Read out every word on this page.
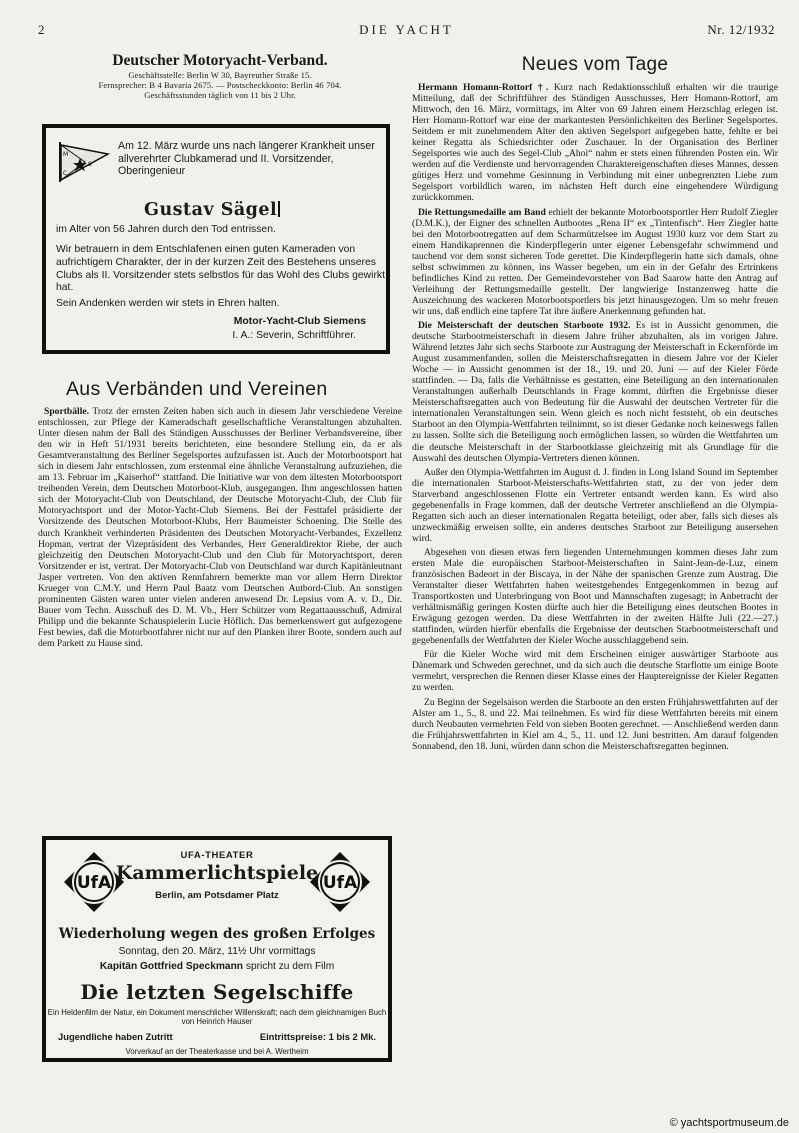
2	DIE YACHT	Nr. 12/1932
Deutscher Motoryacht-Verband.
Geschäftsstelle: Berlin W 30, Bayreuther Straße 15.
Fernsprecher: B 4 Bavaria 2675. — Postscheckkonto: Berlin 46 704.
Geschäftsstunden täglich von 11 bis 2 Uhr.
M
C
S
Am 12. März wurde uns nach längerer Krankheit unser allverehrter Clubkamerad und II. Vorsitzender, Oberingenieur
Gustav Sägel
im Alter von 56 Jahren durch den Tod entrissen.
Wir betrauern in dem Entschlafenen einen guten Kameraden von aufrichtigem Charakter, der in der kurzen Zeit des Bestehens unseres Clubs als II. Vorsitzender stets selbstlos für das Wohl des Clubs gewirkt hat.
Sein Andenken werden wir stets in Ehren halten.
Motor-Yacht-Club Siemens
I. A.: Severin, Schriftführer.
Aus Verbänden und Vereinen

Sportbälle. Trotz der ernsten Zeiten haben sich auch in diesem Jahr verschiedene Vereine entschlossen, zur Pflege der Kameradschaft gesellschaftliche Veranstaltungen abzuhalten. Unter diesen nahm der Ball des Ständigen Ausschusses der Berliner Verbandsvereine, über den wir in Heft 51/1931 bereits berichteten, eine besondere Stellung ein, da er als Gesamtveranstaltung des Berliner Segelsportes aufzufassen ist. Auch der Motorbootsport hat sich in diesem Jahr entschlossen, zum erstenmal eine ähnliche Veranstaltung aufzuziehen, die am 13. Februar im „Kaiserhof“ stattfand. Die Initiative war von dem ältesten Motorbootsport treibenden Verein, dem Deutschen Motorboot-Klub, ausgegangen. Ihm angeschlossen hatten sich der Motoryacht-Club von Deutschland, der Deutsche Motoryacht-Club, der Club für Motoryachtsport und der Motor-Yacht-Club Siemens. Bei der Festtafel präsidierte der Vorsitzende des Deutschen Motorboot-Klubs, Herr Baumeister Schoening. Die Stelle des durch Krankheit verhinderten Präsidenten des Deutschen Motoryacht-Verbandes, Exzellenz Hopman, vertrat der Vizepräsident des Verbandes, Herr Generaldirektor Riebe, der auch gleichzeitig den Deutschen Motoryacht-Club und den Club für Motoryachtsport, deren Vorsitzender er ist, vertrat. Der Motoryacht-Club von Deutschland war durch Kapitänleutnant Jasper vertreten. Von den aktiven Rennfahrern bemerkte man vor allem Herrn Direktor Krueger von C.M.Y. und Herrn Paul Baatz vom Deutschen Autbord-Club. An sonstigen prominenten Gästen waren unter vielen anderen anwesend Dr. Lepsius vom A. v. D., Dir. Bauer vom Techn. Ausschuß des D. M. Vb., Herr Schützer vom Regattaausschuß, Admiral Philipp und die bekannte Schauspielerin Lucie Höflich. Das bemerkenswert gut aufgezogene Fest bewies, daß die Motorbootfahrer nicht nur auf den Planken ihrer Boote, sondern auch auf dem Parkett zu Hause sind.

UfA	UfA
UFA-THEATER
Kammerlichtspiele
Berlin, am Potsdamer Platz
Wiederholung wegen des großen Erfolges
Sonntag, den 20. März, 11½ Uhr vormittags
Kapitän Gottfried Speckmann spricht zu dem Film
Die letzten Segelschiffe
Ein Heldenfilm der Natur, ein Dokument menschlicher Willenskraft; nach dem gleichnamigen Buch von Heinrich Hauser
Jugendliche haben Zutritt	Eintrittspreise: 1 bis 2 Mk.
Vorverkauf an der Theaterkasse und bei A. Wertheim
Neues vom Tage

Hermann Homann-Rottorf †. Kurz nach Redaktionsschluß erhalten wir die traurige Mitteilung, daß der Schriftführer des Ständigen Ausschusses, Herr Homann-Rottorf, am Mittwoch, den 16. März, vormittags, im Alter von 69 Jahren einem Herzschlag erlegen ist. Herr Homann-Rottorf war eine der markantesten Persönlichkeiten des Berliner Segelsportes. Seitdem er mit zunehmendem Alter den aktiven Segelsport aufgegeben hatte, fehlte er bei keiner Regatta als Schiedsrichter oder Zuschauer. In der Organisation des Berliner Segelsportes wie auch des Segel-Club „Ahoi“ nahm er stets einen führenden Posten ein. Wir werden auf die Verdienste und hervorragenden Charaktereigenschaften dieses Mannes, dessen gütiges Herz und vornehme Gesinnung in Verbindung mit einer unbegrenzten Liebe zum Segelsport vorbildlich waren, im nächsten Heft durch eine eingehendere Würdigung zurückkommen.

Die Rettungsmedaille am Band erhielt der bekannte Motorbootsportler Herr Rudolf Ziegler (D.M.K.), der Eigner des schnellen Autbootes „Rena II“ ex „Tintenfisch“. Herr Ziegler hatte bei den Motorbootregatten auf dem Scharmützelsee im August 1930 kurz vor dem Start zu einem Handikaprennen die Kinderpflegerin unter eigener Lebensgefahr schwimmend und tauchend vor dem sonst sicheren Tode gerettet. Die Kinderpflegerin hatte sich damals, ohne selbst schwimmen zu können, ins Wasser begeben, um ein in der Gefahr des Ertrinkens befindliches Kind zu retten. Der Gemeindevorsteher von Bad Saarow hatte den Antrag auf Verleihung der Rettungsmedaille gestellt. Der langwierige Instanzenweg hatte die Auszeichnung des wackeren Motorbootsportlers bis jetzt hinausgezogen. Um so mehr freuen wir uns, daß endlich eine tapfere Tat ihre äußere Anerkennung gefunden hat.

Die Meisterschaft der deutschen Starboote 1932. Es ist in Aussicht genommen, die deutsche Starbootmeisterschaft in diesem Jahre früher abzuhalten, als im vorigen Jahre. Während letztes Jahr sich sechs Starboote zur Austragung der Meisterschaft in Eckernförde im August zusammenfanden, sollen die Meisterschaftsregatten in diesem Jahre vor der Kieler Woche — in Aussicht genommen ist der 18., 19. und 20. Juni — auf der Kieler Förde stattfinden. — Da, falls die Verhältnisse es gestatten, eine Beteiligung an den internationalen Veranstaltungen außerhalb Deutschlands in Frage kommt, dürften die Ergebnisse dieser Meisterschaftsregatten auch von Bedeutung für die Auswahl der deutschen Vertreter für die internationalen Veranstaltungen sein. Wenn gleich es noch nicht feststeht, ob ein deutsches Starboot an den Olympia-Wettfahrten teilnimmt, so ist dieser Gedanke noch keineswegs fallen zu lassen. Sollte sich die Beteiligung noch ermöglichen lassen, so würden die Wettfahrten um die deutsche Meisterschaft in der Starbootklasse gleichzeitig mit als Grundlage für die Auswahl des deutschen Olympia-Vertreters dienen können.

Außer den Olympia-Wettfahrten im August d. J. finden in Long Island Sound im September die internationalen Starboot-Meisterschafts-Wettfahrten statt, zu der von jeder dem Starverband angeschlossenen Flotte ein Vertreter entsandt werden kann. Es wird also gegebenenfalls in Frage kommen, daß der deutsche Vertreter anschließend an die Olympia-Regatten sich auch an dieser internationalen Regatta beteiligt, oder aber, falls sich dieses als unzweckmäßig erweisen sollte, ein anderes deutsches Starboot zur Beteiligung ausersehen wird.

Abgesehen von diesen etwas fern liegenden Unternehmungen kommen dieses Jahr zum ersten Male die europäischen Starboot-Meisterschaften in Saint-Jean-de-Luz, einem französischen Badeort in der Biscaya, in der Nähe der spanischen Grenze zum Austrag. Die Veranstalter dieser Wettfahrten haben weitestgehendes Entgegenkommen in bezug auf Transportkosten und Unterbringung von Boot und Mannschaften zugesagt; in Anbetracht der verhältnismäßig geringen Kosten dürfte auch hier die Beteiligung eines deutschen Bootes in Erwägung gezogen werden. Da diese Wettfahrten in der zweiten Hälfte Juli (22.—27.) stattfinden, würden hierfür ebenfalls die Ergebnisse der deutschen Starbootmeisterschaft und gegebenenfalls der Wettfahrten der Kieler Woche ausschlaggebend sein.

Für die Kieler Woche wird mit dem Erscheinen einiger auswärtiger Starboote aus Dänemark und Schweden gerechnet, und da sich auch die deutsche Starflotte um einige Boote vermehrt, versprechen die Rennen dieser Klasse eines der Hauptereignisse der Kieler Regatten zu werden.

Zu Beginn der Segelsaison werden die Starboote an den ersten Frühjahrswettfahrten auf der Alster am 1., 5., 8. und 22. Mai teilnehmen. Es wird für diese Wettfahrten bereits mit einem durch Neubauten vermehrten Feld von sieben Booten gerechnet. — Anschließend werden dann die Frühjahrswettfahrten in Kiel am 4., 5., 11. und 12. Juni bestritten. Am darauf folgenden Sonnabend, den 18. Juni, würden dann schon die Meisterschaftsregatten beginnen.

© yachtsportmuseum.de
